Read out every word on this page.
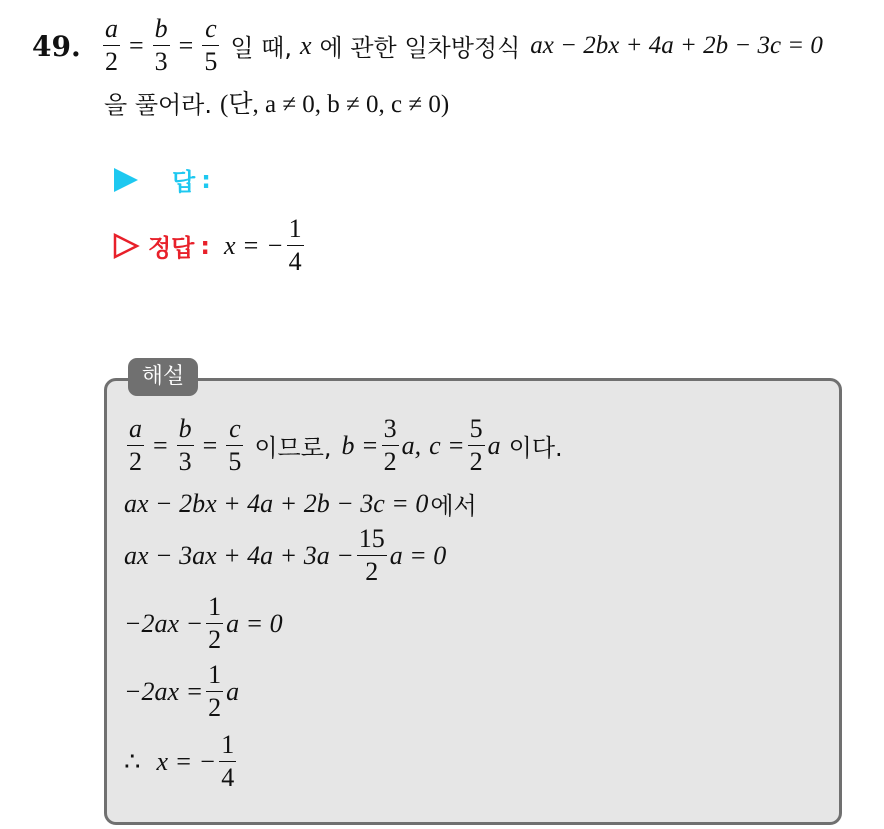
49. $\frac{a}{2} = \frac{b}{3} = \frac{c}{5}$ 일 때, x 에 관한 일차방정식 ax − 2bx + 4a + 2b − 3c = 0
을 풀어라. (단, a ≠ 0, b ≠ 0, c ≠ 0)
답 :
정답 : x = − $\frac{1}{4}$
해설
$\frac{a}{2} = \frac{b}{3} = \frac{c}{5}$ 이므로, $b = \frac{3}{2} a$, $c = \frac{5}{2}$ a 이다.
ax − 2bx + 4a + 2b − 3c = 0 에서
ax − $3ax + 4a + 3a - \frac{15}{2}$ a = 0
$-2ax - \frac{1}{2}$ a = 0
$-2ax = \frac{1}{2}$ a
∴ x = − $\frac{1}{4}$
